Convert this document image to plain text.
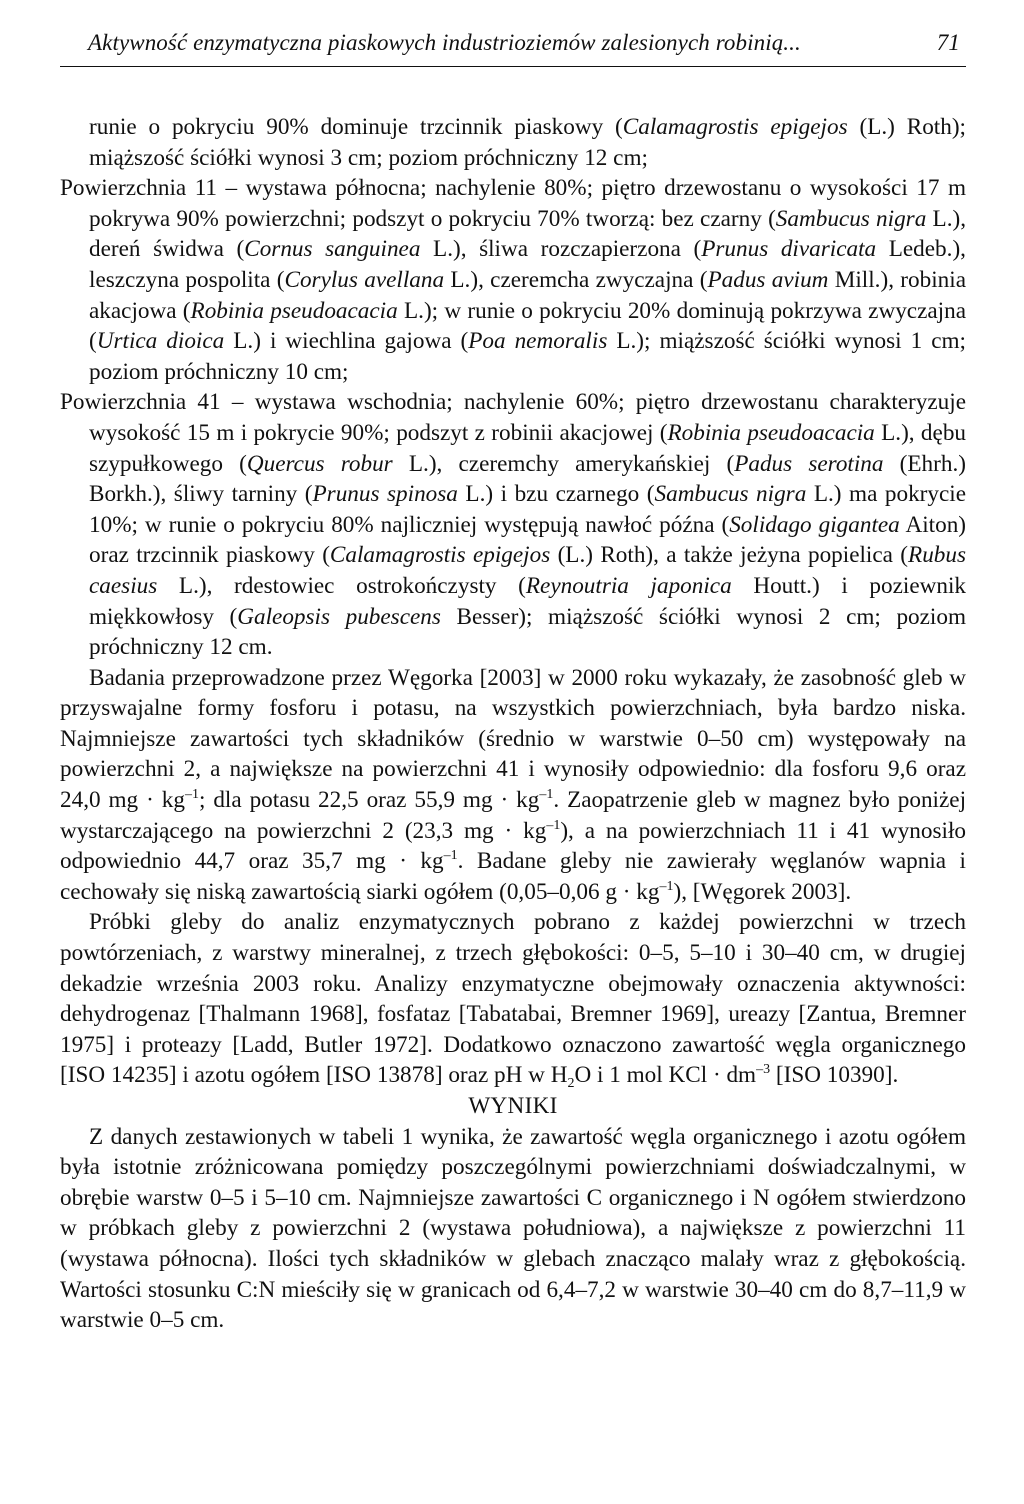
Aktywność enzymatyczna piaskowych industrioziemów zalesionych robinią...	71

runie o pokryciu 90% dominuje trzcinnik piaskowy (Calamagrostis epigejos (L.) Roth); miąższość ściółki wynosi 3 cm; poziom próchniczny 12 cm;

Powierzchnia 11 – wystawa północna; nachylenie 80%; piętro drzewostanu o wysokości 17 m pokrywa 90% powierzchni; podszyt o pokryciu 70% tworzą: bez czarny (Sambucus nigra L.), dereń świdwa (Cornus sanguinea L.), śliwa rozczapierzona (Prunus divaricata Ledeb.), leszczyna pospolita (Corylus avellana L.), czeremcha zwyczajna (Padus avium Mill.), robinia akacjowa (Robinia pseudoacacia L.); w runie o pokryciu 20% dominują pokrzywa zwyczajna (Urtica dioica L.) i wiechlina gajowa (Poa nemoralis L.); miąższość ściółki wynosi 1 cm; poziom próchniczny 10 cm;

Powierzchnia 41 – wystawa wschodnia; nachylenie 60%; piętro drzewostanu charakteryzuje wysokość 15 m i pokrycie 90%; podszyt z robinii akacjowej (Robinia pseudoacacia L.), dębu szypułkowego (Quercus robur L.), czeremchy amerykańskiej (Padus serotina (Ehrh.) Borkh.), śliwy tarniny (Prunus spinosa L.) i bzu czarnego (Sambucus nigra L.) ma pokrycie 10%; w runie o pokryciu 80% najliczniej występują nawłoć późna (Solidago gigantea Aiton) oraz trzcinnik piaskowy (Calamagrostis epigejos (L.) Roth), a także jeżyna popielica (Rubus caesius L.), rdestowiec ostrokończysty (Reynoutria japonica Houtt.) i poziewnik miękkowłosy (Galeopsis pubescens Besser); miąższość ściółki wynosi 2 cm; poziom próchniczny 12 cm.

Badania przeprowadzone przez Węgorka [2003] w 2000 roku wykazały, że zasobność gleb w przyswajalne formy fosforu i potasu, na wszystkich powierzchniach, była bardzo niska. Najmniejsze zawartości tych składników (średnio w warstwie 0–50 cm) występowały na powierzchni 2, a największe na powierzchni 41 i wynosiły odpowiednio: dla fosforu 9,6 oraz 24,0 mg · $kg^{-1}$; dla potasu 22,5 oraz 55,9 mg · $kg^{-1}$. Zaopatrzenie gleb w magnez było poniżej wystarczającego na powierzchni 2 (23,3 mg · $kg^{-1}$), a na powierzchniach 11 i 41 wynosiło odpowiednio 44,7 oraz 35,7 mg · $kg^{-1}$. Badane gleby nie zawierały węglanów wapnia i cechowały się niską zawartością siarki ogółem (0,05–0,06 $g \cdot kg^{-1}$), [Węgorek 2003].

Próbki gleby do analiz enzymatycznych pobrano z każdej powierzchni w trzech powtórzeniach, z warstwy mineralnej, z trzech głębokości: 0–5, 5–10 i 30–40 cm, w drugiej dekadzie września 2003 roku. Analizy enzymatyczne obejmowały oznaczenia aktywności: dehydrogenaz [Thalmann 1968], fosfataz [Tabatabai, Bremner 1969], ureazy [Zantua, Bremner 1975] i proteazy [Ladd, Butler 1972]. Dodatkowo oznaczono zawartość węgla organicznego [ISO 14235] i azotu ogółem [ISO 13878] oraz pH w $H_2O$ i 1 mol KCl · $dm^{-3}$ [ISO 10390].

WYNIKI

Z danych zestawionych w tabeli 1 wynika, że zawartość węgla organicznego i azotu ogółem była istotnie zróżnicowana pomiędzy poszczególnymi powierzchniami doświadczalnymi, w obrębie warstw 0–5 i 5–10 cm. Najmniejsze zawartości C organicznego i N ogółem stwierdzono w próbkach gleby z powierzchni 2 (wystawa południowa), a największe z powierzchni 11 (wystawa północna). Ilości tych składników w glebach znacząco malały wraz z głębokością. Wartości stosunku C:N mieściły się w granicach od 6,4–7,2 w warstwie 30–40 cm do 8,7–11,9 w warstwie 0–5 cm.
